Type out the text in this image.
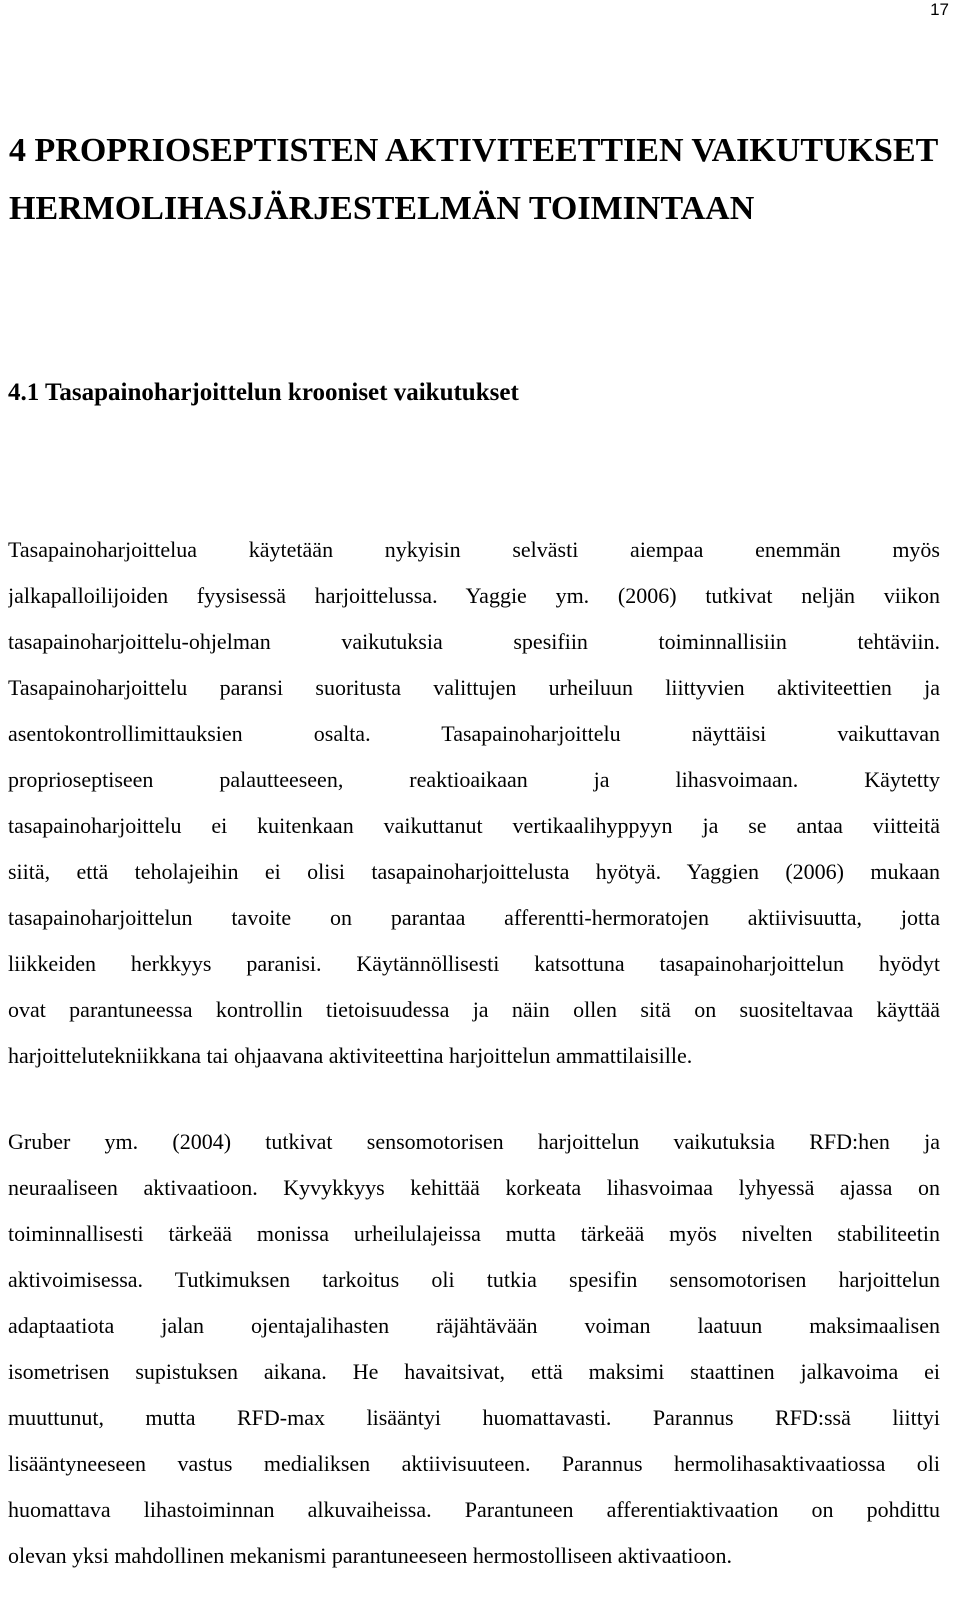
17
4 PROPRIOSEPTISTEN AKTIVITEETTIEN VAIKUTUKSET HERMOLIHASJÄRJESTELMÄN TOIMINTAAN
4.1 Tasapainoharjoittelun krooniset vaikutukset
Tasapainoharjoittelua käytetään nykyisin selvästi aiempaa enemmän myös
jalkapalloilijoiden fyysisessä harjoittelussa. Yaggie ym. (2006) tutkivat neljän viikon
tasapainoharjoittelu-ohjelman vaikutuksia spesifiin toiminnallisiin tehtäviin.
Tasapainoharjoittelu paransi suoritusta valittujen urheiluun liittyvien aktiviteettien ja
asentokontrollimittauksien osalta. Tasapainoharjoittelu näyttäisi vaikuttavan
proprioseptiseen palautteeseen, reaktioaikaan ja lihasvoimaan. Käytetty
tasapainoharjoittelu ei kuitenkaan vaikuttanut vertikaalihyppyyn ja se antaa viitteitä
siitä, että teholajeihin ei olisi tasapainoharjoittelusta hyötyä. Yaggien (2006) mukaan
tasapainoharjoittelun tavoite on parantaa afferentti-hermoratojen aktiivisuutta, jotta
liikkeiden herkkyys paranisi. Käytännöllisesti katsottuna tasapainoharjoittelun hyödyt
ovat parantuneessa kontrollin tietoisuudessa ja näin ollen sitä on suositeltavaa käyttää
harjoittelutekniikkana tai ohjaavana aktiviteettina harjoittelun ammattilaisille.
Gruber ym. (2004) tutkivat sensomotorisen harjoittelun vaikutuksia RFD:hen ja
neuraaliseen aktivaatioon. Kyvykkyys kehittää korkeata lihasvoimaa lyhyessä ajassa on
toiminnallisesti tärkeää monissa urheilulajeissa mutta tärkeää myös nivelten stabiliteetin
aktivoimisessa. Tutkimuksen tarkoitus oli tutkia spesifin sensomotorisen harjoittelun
adaptaatiota jalan ojentajalihasten räjähtävään voiman laatuun maksimaalisen
isometrisen supistuksen aikana. He havaitsivat, että maksimi staattinen jalkavoima ei
muuttunut, mutta RFD-max lisääntyi huomattavasti. Parannus RFD:ssä liittyi
lisääntyneeseen vastus medialiksen aktiivisuuteen. Parannus hermolihasaktivaatiossa oli
huomattava lihastoiminnan alkuvaiheissa. Parantuneen afferentiaktivaation on pohdittu
olevan yksi mahdollinen mekanismi parantuneeseen hermostolliseen aktivaatioon.
